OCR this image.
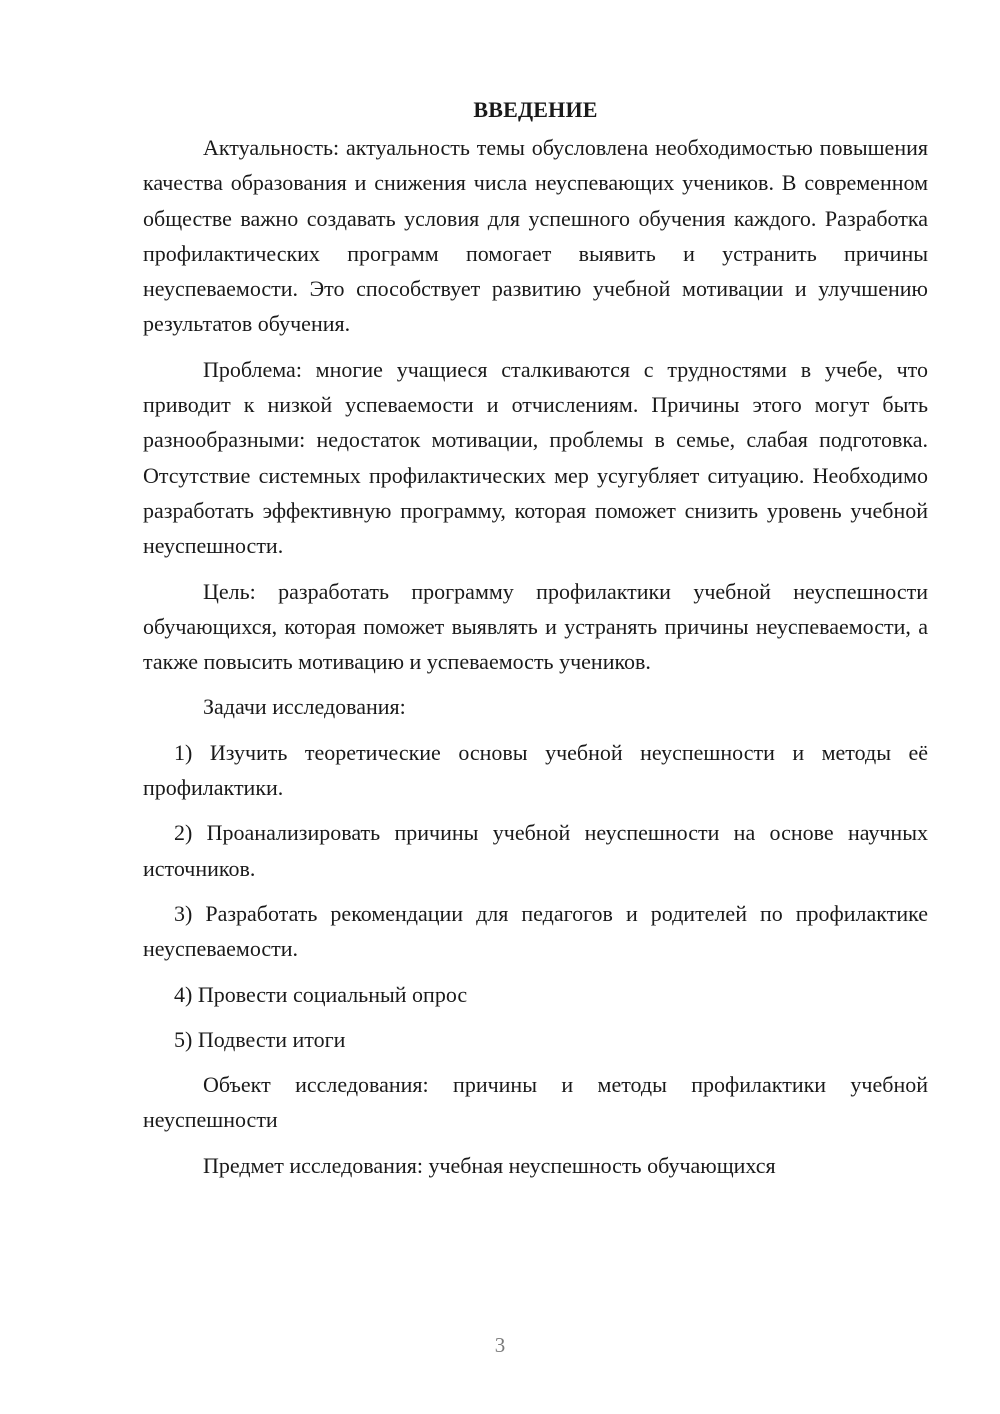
ВВЕДЕНИЕ

Актуальность: актуальность темы обусловлена необходимостью повышения качества образования и снижения числа неуспевающих учеников. В современном обществе важно создавать условия для успешного обучения каждого. Разработка профилактических программ помогает выявить и устранить причины неуспеваемости. Это способствует развитию учебной мотивации и улучшению результатов обучения.

Проблема: многие учащиеся сталкиваются с трудностями в учебе, что приводит к низкой успеваемости и отчислениям. Причины этого могут быть разнообразными: недостаток мотивации, проблемы в семье, слабая подготовка. Отсутствие системных профилактических мер усугубляет ситуацию. Необходимо разработать эффективную программу, которая поможет снизить уровень учебной неуспешности.

Цель: разработать программу профилактики учебной неуспешности обучающихся, которая поможет выявлять и устранять причины неуспеваемости, а также повысить мотивацию и успеваемость учеников.

Задачи исследования:

1) Изучить теоретические основы учебной неуспешности и методы её профилактики.

2) Проанализировать причины учебной неуспешности на основе научных источников.

3) Разработать рекомендации для педагогов и родителей по профилактике неуспеваемости.

4) Провести социальный опрос

5) Подвести итоги

Объект исследования: причины и методы профилактики учебной неуспешности

Предмет исследования: учебная неуспешность обучающихся

3
